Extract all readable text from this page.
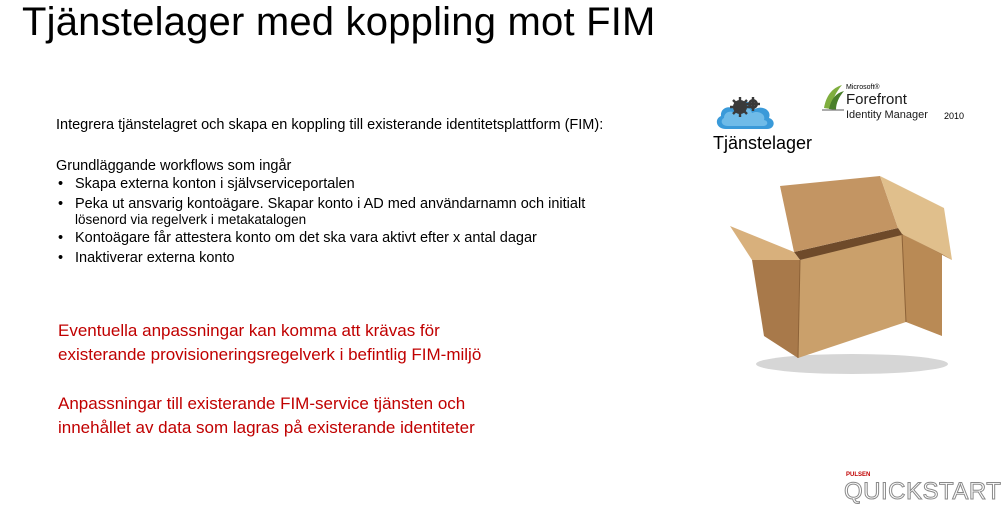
Tjänstelager med koppling mot FIM
Integrera tjänstelagret och skapa en koppling till existerande identitetsplattform (FIM):
Grundläggande workflows som ingår
• Skapa externa konton i självserviceportalen
• Peka ut ansvarig kontoägare. Skapar konto i AD med användarnamn och initialt
lösenord via regelverk i metakatalogen
• Kontoägare får attestera konto om det ska vara aktivt efter x antal dagar
• Inaktiverar externa konto
Eventuella anpassningar kan komma att krävas för
existerande provisioneringsregelverk i befintlig FIM-miljö
Anpassningar till existerande FIM-service tjänsten och
innehållet av data som lagras på existerande identiteter
Tjänstelager
Microsoft®
Forefront
Identity Manager 2010
PULSEN
QUICKSTART
